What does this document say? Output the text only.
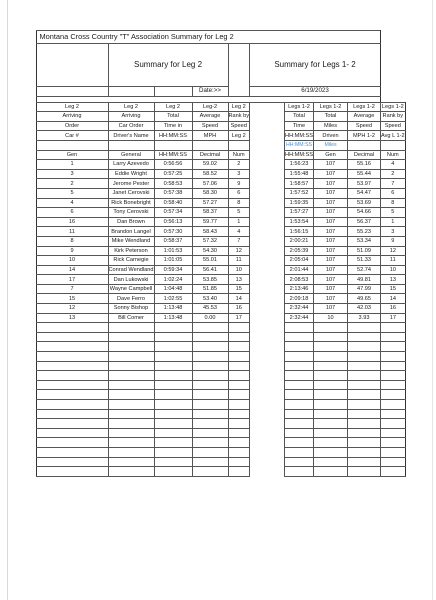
	Montana Cross Country "T" Association Summary for Leg 2									
		Summary for Leg 2				Summary for Legs 1- 2				
				Date:>>		6/19/2023				

	Leg 2	Leg 2	Leg 2	Leg-2	Leg 2		Legs 1-2	Legs 1-2	Legs 1-2	Legs 1-2
	Arriving	Arriving	Total	Average	Rank by		Total	Total	Average	Rank by
	Order	Car Order	Time in	Speed	Speed		Time	Miles	Speed	Speed
	Car #	Driver's Name	HH:MM:SS	MPH	Leg 2		HH:MM:SS	Driven	MPH 1-2	Avg L 1-2
							HH:MM:SS	Miles		
	Gen	General	HH:MM:SS	Decimal	Num		HH:MM:SS	Gen	Decimal	Num
	1	Larry Azevedo	0:56:56	59.02	2		1:56:23	107	55.16	4
	3	Eddie Wright	0:57:25	58.52	3		1:55:48	107	55.44	2
	2	Jerome Pester	0:58:53	57.06	9		1:58:57	107	53.97	7
	5	Janet Cerovski	0:57:38	58.30	6		1:57:52	107	54.47	6
	4	Rick Bonebright	0:58:40	57.27	8		1:59:35	107	53.69	8
	6	Tony Cerovski	0:57:34	58.37	5		1:57:27	107	54.66	5
	16	Dan Brown	0:56:13	59.77	1		1:53:54	107	56.37	1
	11	Brandon Langel	0:57:30	58.43	4		1:56:15	107	55.23	3
	8	Mike Wendland	0:58:37	57.32	7		2:00:21	107	53.34	9
	9	Kirk Peterson	1:01:53	54.30	12		2:05:39	107	51.09	12
	10	Rick Carnegie	1:01:05	55.01	11		2:05:04	107	51.33	11
	14	Conrad Wendland	0:59:34	56.41	10		2:01:44	107	52.74	10
	17	Dan Lukowski	1:02:24	53.85	13		2:08:53	107	49.81	13
	7	Wayne Campbell	1:04:48	51.85	15		2:13:46	107	47.99	15
	15	Dave Ferro	1:02:55	53.40	14		2:09:18	107	49.65	14
	12	Sonny Bishop	1:13:48	45.53	16		2:32:44	107	42.03	16
	13	Bill Comer	1:13:48	0.00	17		2:32:44	10	3.93	17
